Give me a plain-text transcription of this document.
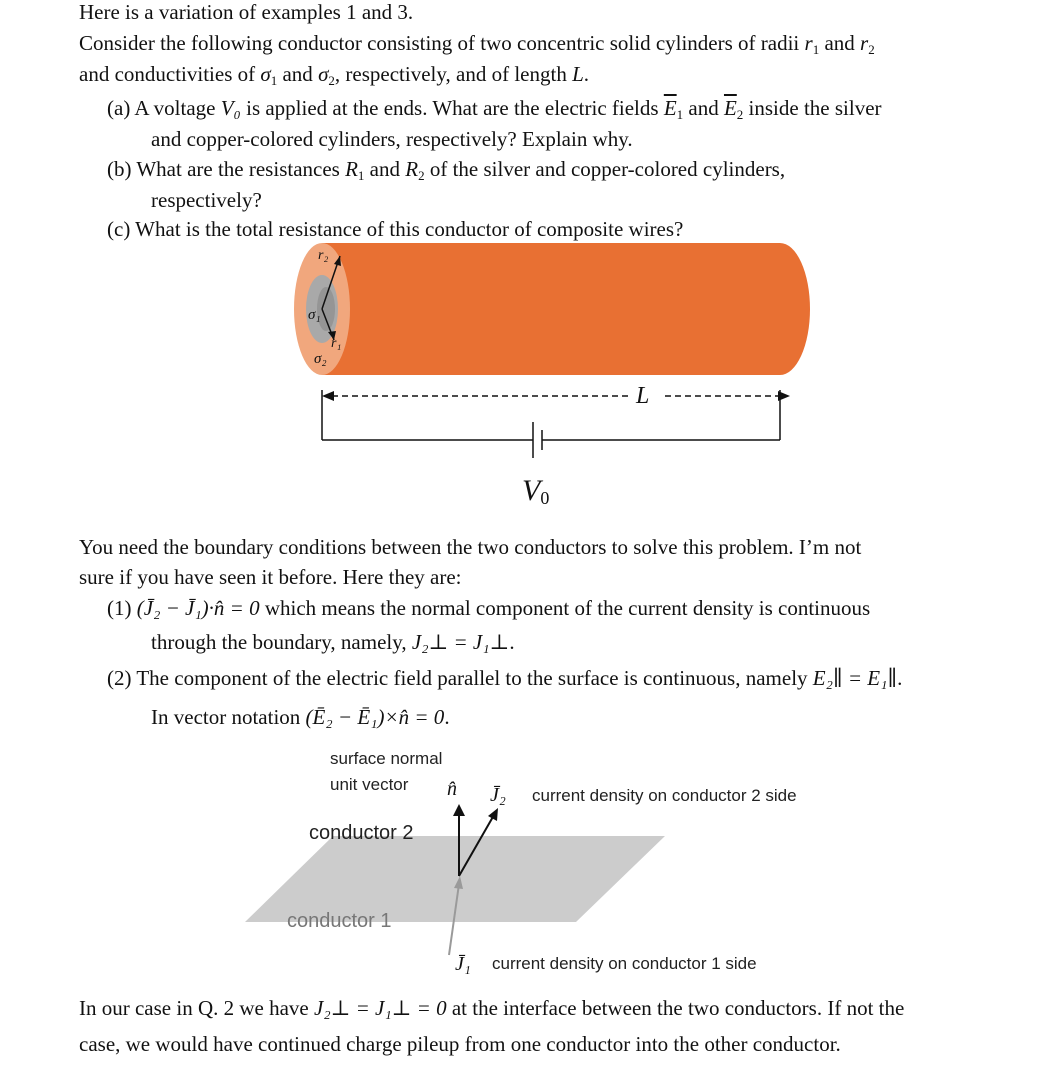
Here is a variation of examples 1 and 3.
Consider the following conductor consisting of two concentric solid cylinders of radii $r_1$ and $r_2$
and conductivities of $\sigma_1$ and $\sigma_2$, respectively, and of length L.
(a) A voltage V₀ is applied at the ends. What are the electric fields $\overline{E}_1$ and $\overline{E}_2$ inside the silver
and copper-colored cylinders, respectively? Explain why.
(b) What are the resistances $R_1$ and $R_2$ of the silver and copper-colored cylinders,
respectively?
(c) What is the total resistance of this conductor of composite wires?
r₂
r₁
σ₁
σ₂
L
V0
You need the boundary conditions between the two conductors to solve this problem. I’m not
sure if you have seen it before. Here they are:
(1) (J̄₂ − J̄₁)·n̂ = 0 which means the normal component of the current density is continuous
through the boundary, namely, J₂⊥ = J₁⊥.
(2) The component of the electric field parallel to the surface is continuous, namely E₂∥ = E₁∥.
In vector notation (Ē₂ − Ē₁)×n̂ = 0.
surface normal
unit vector n̂ J̄₂ current density on conductor 2 side
conductor 2
conductor 1
J̄₁ current density on conductor 1 side
In our case in Q. 2 we have J₂⊥ = J₁⊥ = 0 at the interface between the two conductors. If not the
case, we would have continued charge pileup from one conductor into the other conductor.
